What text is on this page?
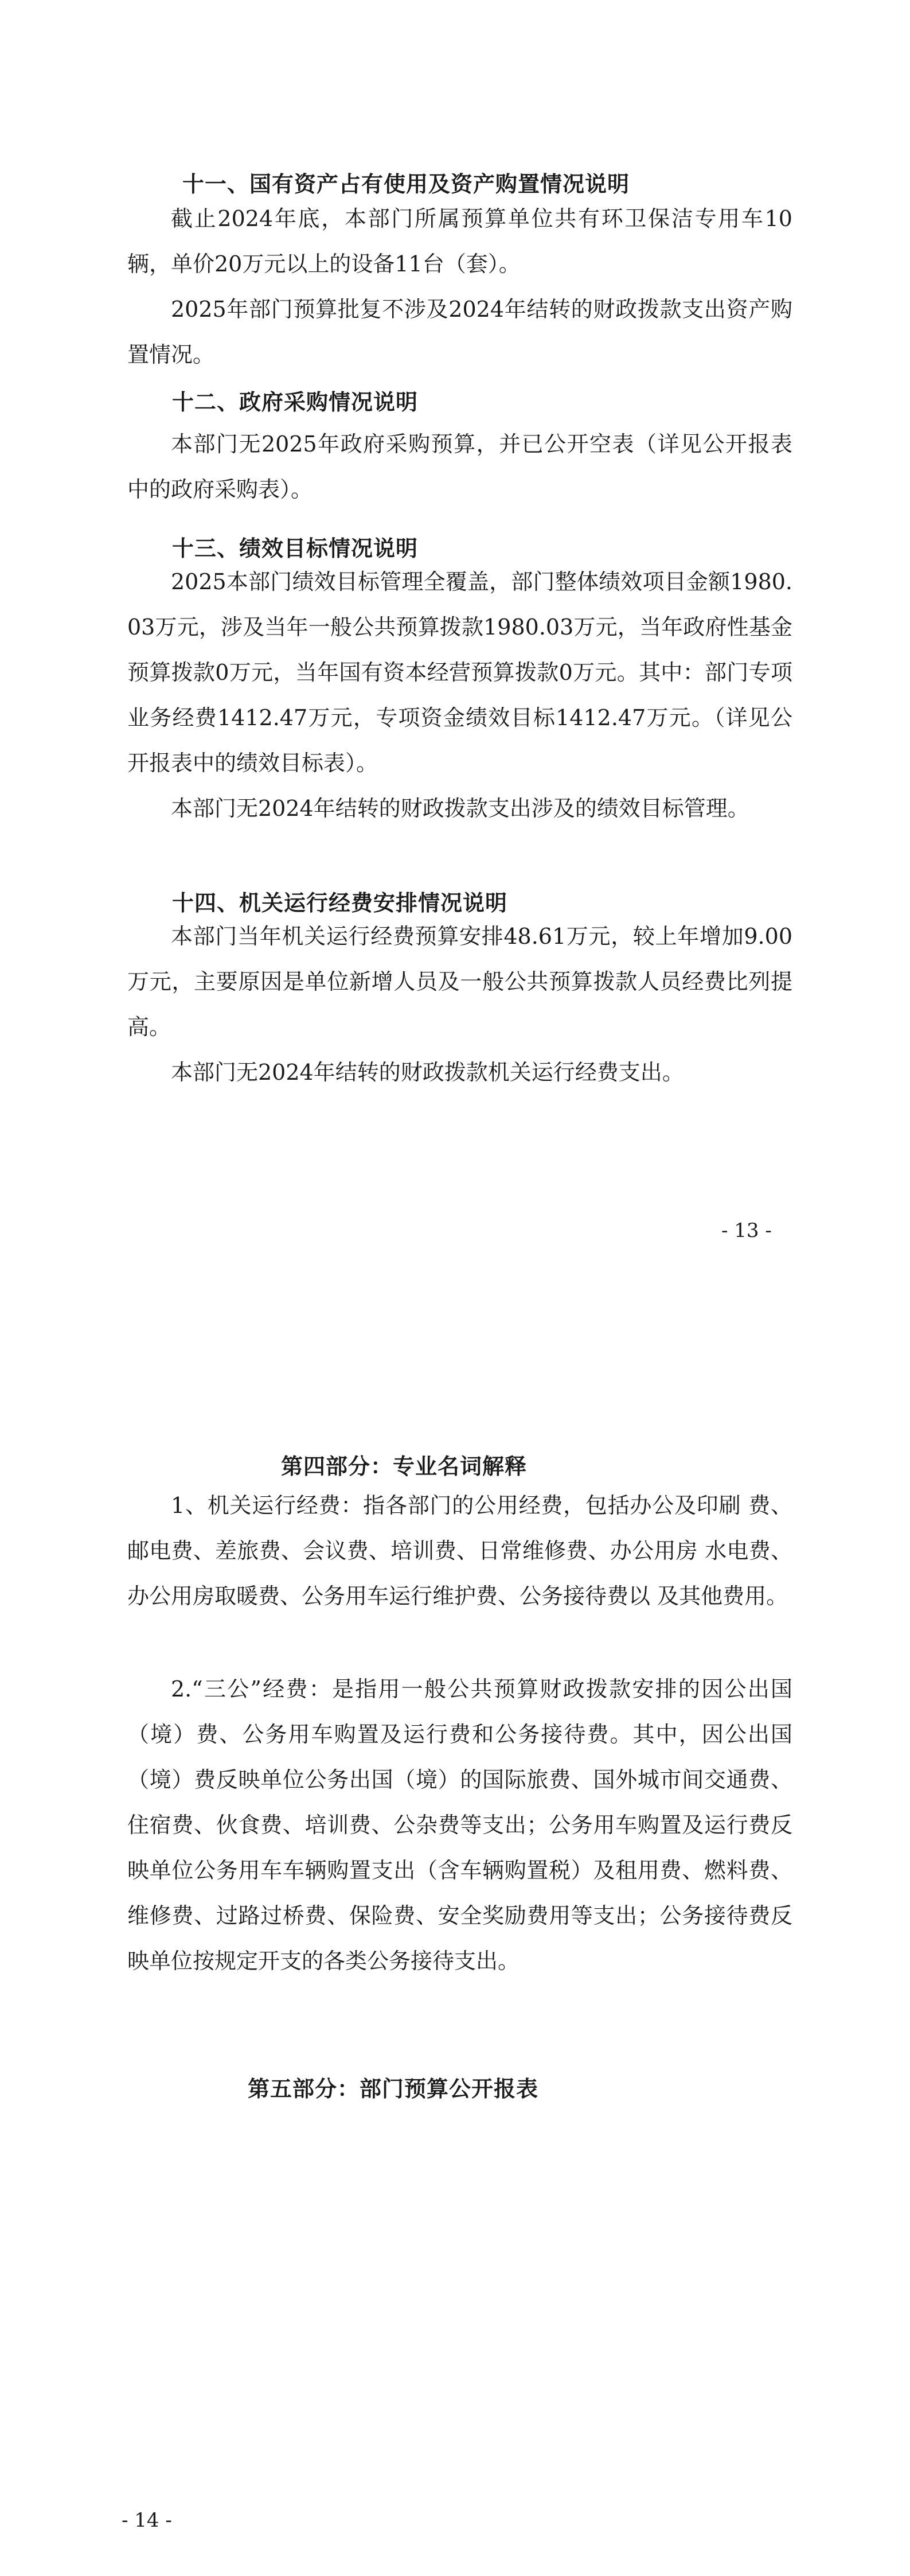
十一、国有资产占有使用及资产购置情况说明

截止2024年底，本部门所属预算单位共有环卫保洁专用车10辆，单价20万元以上的设备11台（套）。

2025年部门预算批复不涉及2024年结转的财政拨款支出资产购置情况。

十二、政府采购情况说明

本部门无2025年政府采购预算，并已公开空表（详见公开报表中的政府采购表）。

十三、绩效目标情况说明

2025本部门绩效目标管理全覆盖，部门整体绩效项目金额1980.03万元，涉及当年一般公共预算拨款1980.03万元，当年政府性基金预算拨款0万元，当年国有资本经营预算拨款0万元。其中：部门专项业务经费1412.47万元，专项资金绩效目标1412.47万元。（详见公开报表中的绩效目标表）。

本部门无2024年结转的财政拨款支出涉及的绩效目标管理。

十四、机关运行经费安排情况说明

本部门当年机关运行经费预算安排48.61万元，较上年增加9.00万元，主要原因是单位新增人员及一般公共预算拨款人员经费比列提高。

本部门无2024年结转的财政拨款机关运行经费支出。

- 13 -
第四部分：专业名词解释

1、机关运行经费：指各部门的公用经费，包括办公及印刷 费、邮电费、差旅费、会议费、培训费、日常维修费、办公用房 水电费、办公用房取暖费、公务用车运行维护费、公务接待费以 及其他费用。

2.“三公”经费：是指用一般公共预算财政拨款安排的因公出国（境）费、公务用车购置及运行费和公务接待费。其中，因公出国（境）费反映单位公务出国（境）的国际旅费、国外城市间交通费、住宿费、伙食费、培训费、公杂费等支出；公务用车购置及运行费反映单位公务用车车辆购置支出（含车辆购置税）及租用费、燃料费、维修费、过路过桥费、保险费、安全奖励费用等支出；公务接待费反映单位按规定开支的各类公务接待支出。

第五部分：部门预算公开报表
- 14 -
